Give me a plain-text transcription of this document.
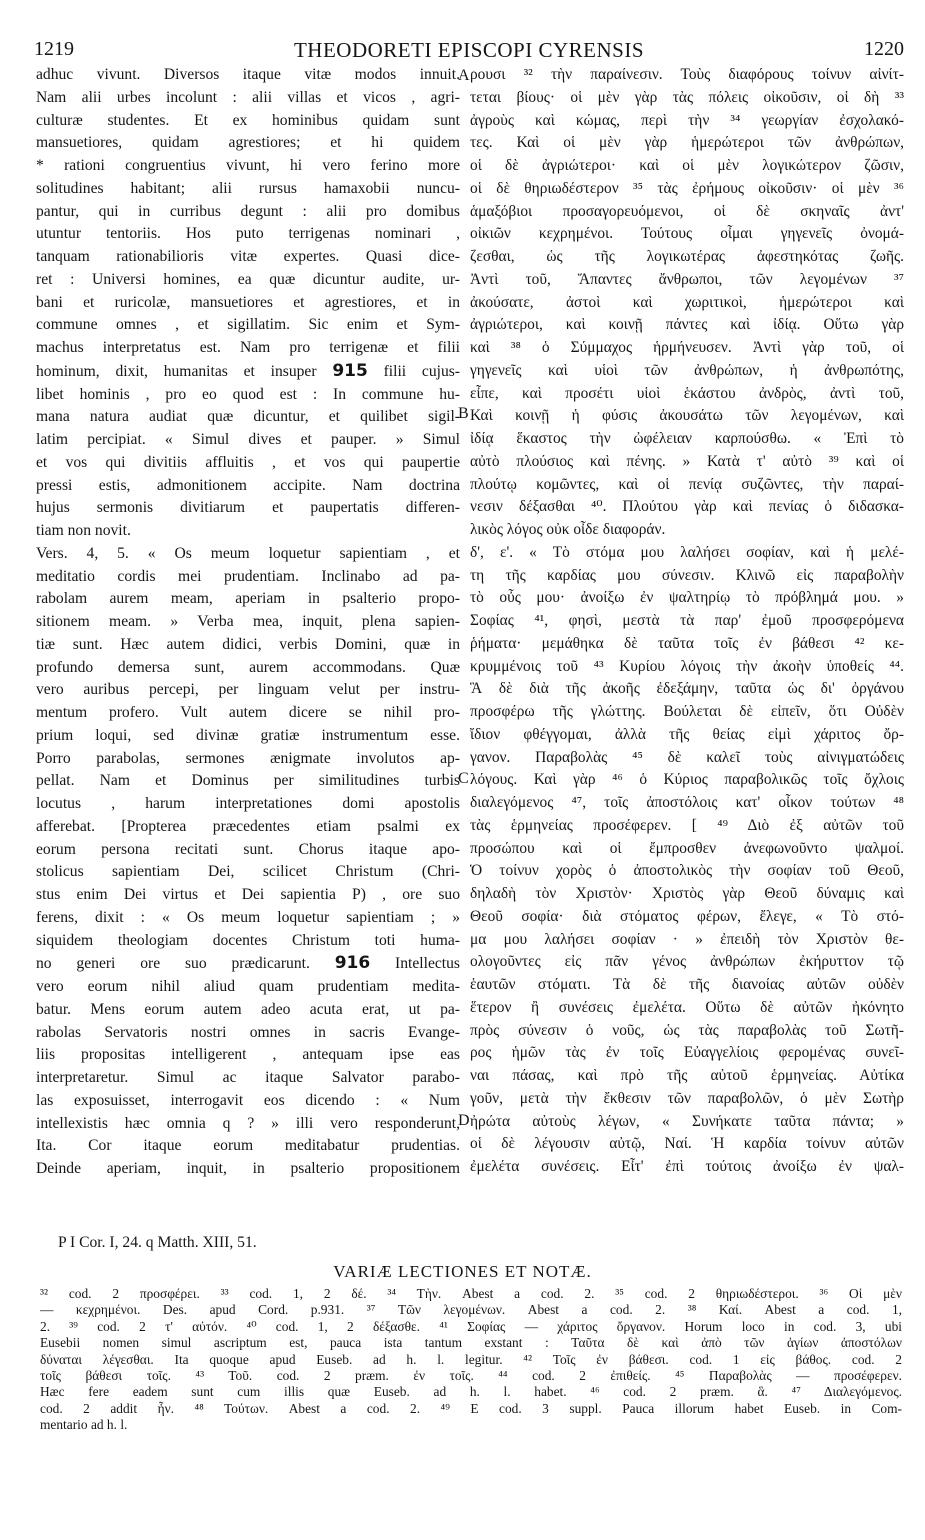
1219	THEODORETI EPISCOPI CYRENSIS	1220

adhuc vivunt. Diversos itaque vitæ modos innuit.

Nam alii urbes incolunt : alii villas et vicos , agri-

culturæ studentes. Et ex hominibus quidam sunt

mansuetiores, quidam agrestiores; et hi quidem

* rationi congruentius vivunt, hi vero ferino more

solitudines habitant; alii rursus hamaxobii nuncu-

pantur, qui in curribus degunt : alii pro domibus

utuntur tentoriis. Hos puto terrigenas nominari ,

tanquam rationabilioris vitæ expertes. Quasi dice-

ret : Universi homines, ea quæ dicuntur audite, ur-

bani et ruricolæ, mansuetiores et agrestiores, et in

commune omnes , et sigillatim. Sic enim et Sym-

machus interpretatus est. Nam pro terrigenæ et filii

hominum, dixit, humanitas et insuper 915 filii cujus-

libet hominis , pro eo quod est : In commune hu-

mana natura audiat quæ dicuntur, et quilibet sigil-

latim percipiat. « Simul dives et pauper. » Simul

et vos qui divitiis affluitis , et vos qui paupertie

pressi estis, admonitionem accipite. Nam doctrina

hujus sermonis divitiarum et paupertatis differen-

tiam non novit.

Vers. 4, 5. « Os meum loquetur sapientiam , et

meditatio cordis mei prudentiam. Inclinabo ad pa-

rabolam aurem meam, aperiam in psalterio propo-

sitionem meam. » Verba mea, inquit, plena sapien-

tiæ sunt. Hæc autem didici, verbis Domini, quæ in

profundo demersa sunt, aurem accommodans. Quæ

vero auribus percepi, per linguam velut per instru-

mentum profero. Vult autem dicere se nihil pro-

prium loqui, sed divinæ gratiæ instrumentum esse.

Porro parabolas, sermones ænigmate involutos ap-

pellat. Nam et Dominus per similitudines turbis

locutus , harum interpretationes domi apostolis

afferebat. [Propterea præcedentes etiam psalmi ex

eorum persona recitati sunt. Chorus itaque apo-

stolicus sapientiam Dei, scilicet Christum (Chri-

stus enim Dei virtus et Dei sapientia P) , ore suo

ferens, dixit : « Os meum loquetur sapientiam ; »

siquidem theologiam docentes Christum toti huma-

no generi ore suo prædicarunt. 916 Intellectus

vero eorum nihil aliud quam prudentiam medita-

batur. Mens eorum autem adeo acuta erat, ut pa-

rabolas Servatoris nostri omnes in sacris Evange-

liis propositas intelligerent , antequam ipse eas

interpretaretur. Simul ac itaque Salvator parabo-

las exposuisset, interrogavit eos dicendo : « Num

intellexistis hæc omnia q ? » illi vero responderunt,

Ita. Cor itaque eorum meditabatur prudentias.

Deinde aperiam, inquit, in psalterio propositionem

ρουσι ³² τὴν παραίνεσιν. Τοὺς διαφόρους τοίνυν αἰνίτ-

τεται βίους· οἱ μὲν γὰρ τὰς πόλεις οἰκοῦσιν, οἱ δὴ ³³

ἀγροὺς καὶ κώμας, περὶ τὴν ³⁴ γεωργίαν ἐσχολακό-

τες. Καὶ οἱ μὲν γὰρ ἡμερώτεροι τῶν ἀνθρώπων,

οἱ δὲ ἀγριώτεροι· καὶ οἱ μὲν λογικώτερον ζῶσιν,

οἱ δὲ θηριωδέστερον ³⁵ τὰς ἐρήμους οἰκοῦσιν· οἱ μὲν ³⁶

ἁμαξόβιοι προσαγορευόμενοι, οἱ δὲ σκηναῖς ἀντ'

οἰκιῶν κεχρημένοι. Τούτους οἶμαι γηγενεῖς ὀνομά-

ζεσθαι, ὡς τῆς λογικωτέρας ἀφεστηκότας ζωῆς.

Ἀντὶ τοῦ, Ἅπαντες ἄνθρωποι, τῶν λεγομένων ³⁷

ἀκούσατε, ἀστοὶ καὶ χωριτικοὶ, ἡμερώτεροι καὶ

ἀγριώτεροι, καὶ κοινῇ πάντες καὶ ἰδίᾳ. Οὕτω γὰρ

καὶ ³⁸ ὁ Σύμμαχος ἡρμήνευσεν. Ἀντὶ γὰρ τοῦ, οἱ

γηγενεῖς καὶ υἱοὶ τῶν ἀνθρώπων, ἡ ἀνθρωπότης,

εἶπε, καὶ προσέτι υἱοὶ ἑκάστου ἀνδρὸς, ἀντὶ τοῦ,

Καὶ κοινῇ ἡ φύσις ἀκουσάτω τῶν λεγομένων, καὶ

ἰδίᾳ ἕκαστος τὴν ὠφέλειαν καρπούσθω. « Ἐπὶ τὸ

αὐτὸ πλούσιος καὶ πένης. » Κατὰ τ' αὐτὸ ³⁹ καὶ οἱ

πλούτῳ κομῶντες, καὶ οἱ πενίᾳ συζῶντες, τὴν παραί-

νεσιν δέξασθαι ⁴⁰. Πλούτου γὰρ καὶ πενίας ὁ διδασκα-

λικὸς λόγος οὐκ οἶδε διαφοράν.

δ', ε'. « Τὸ στόμα μου λαλήσει σοφίαν, καὶ ἡ μελέ-

τη τῆς καρδίας μου σύνεσιν. Κλινῶ εἰς παραβολὴν

τὸ οὖς μου· ἀνοίξω ἐν ψαλτηρίῳ τὸ πρόβλημά μου. »

Σοφίας ⁴¹, φησὶ, μεστὰ τὰ παρ' ἐμοῦ προσφερόμενα

ῥήματα· μεμάθηκα δὲ ταῦτα τοῖς ἐν βάθεσι ⁴² κε-

κρυμμένοις τοῦ ⁴³ Κυρίου λόγοις τὴν ἀκοὴν ὑποθείς ⁴⁴.

Ἃ δὲ διὰ τῆς ἀκοῆς ἐδεξάμην, ταῦτα ὡς δι' ὀργάνου

προσφέρω τῆς γλώττης. Βούλεται δὲ εἰπεῖν, ὅτι Οὐδὲν

ἴδιον φθέγγομαι, ἀλλὰ τῆς θείας εἰμὶ χάριτος ὄρ-

γανον. Παραβολὰς ⁴⁵ δὲ καλεῖ τοὺς αἰνιγματώδεις

λόγους. Καὶ γὰρ ⁴⁶ ὁ Κύριος παραβολικῶς τοῖς ὄχλοις

διαλεγόμενος ⁴⁷, τοῖς ἀποστόλοις κατ' οἶκον τούτων ⁴⁸

τὰς ἑρμηνείας προσέφερεν. [ ⁴⁹ Διὸ ἐξ αὐτῶν τοῦ

προσώπου καὶ οἱ ἔμπροσθεν ἀνεφωνοῦντο ψαλμοί.

Ὁ τοίνυν χορὸς ὁ ἀποστολικὸς τὴν σοφίαν τοῦ Θεοῦ,

δηλαδὴ τὸν Χριστὸν· Χριστὸς γὰρ Θεοῦ δύναμις καὶ

Θεοῦ σοφία· διὰ στόματος φέρων, ἔλεγε, « Τὸ στό-

μα μου λαλήσει σοφίαν · » ἐπειδὴ τὸν Χριστὸν θε-

ολογοῦντες εἰς πᾶν γένος ἀνθρώπων ἐκήρυττον τῷ

ἑαυτῶν στόματι. Τὰ δὲ τῆς διανοίας αὐτῶν οὐδὲν

ἕτερον ἢ συνέσεις ἐμελέτα. Οὕτω δὲ αὐτῶν ἠκόνητο

πρὸς σύνεσιν ὁ νοῦς, ὡς τὰς παραβολὰς τοῦ Σωτῆ-

ρος ἡμῶν τὰς ἐν τοῖς Εὐαγγελίοις φερομένας συνεῖ-

ναι πάσας, καὶ πρὸ τῆς αὐτοῦ ἑρμηνείας. Αὐτίκα

γοῦν, μετὰ τὴν ἔκθεσιν τῶν παραβολῶν, ὁ μὲν Σωτὴρ

ἠρώτα αὐτοὺς λέγων, « Συνήκατε ταῦτα πάντα; »

οἱ δὲ λέγουσιν αὐτῷ, Ναί. Ἡ καρδία τοίνυν αὐτῶν

ἐμελέτα συνέσεις. Εἶτ' ἐπὶ τούτοις ἀνοίξω ἐν ψαλ-

A
B
C
D
P I Cor. I, 24. q Matth. XIII, 51.
VARIÆ LECTIONES ET NOTÆ.

³² cod. 2 προσφέρει. ³³ cod. 1, 2 δέ. ³⁴ Τὴν. Abest a cod. 2. ³⁵ cod. 2 θηριωδέστεροι. ³⁶ Οἱ μὲν

— κεχρημένοι. Des. apud Cord. p.931. ³⁷ Τῶν λεγομένων. Abest a cod. 2. ³⁸ Καί. Abest a cod. 1,

2. ³⁹ cod. 2 τ' αὐτόν. ⁴⁰ cod. 1, 2 δέξασθε. ⁴¹ Σοφίας — χάριτος ὄργανον. Horum loco in cod. 3, ubi

Eusebii nomen simul ascriptum est, pauca ista tantum exstant : Ταῦτα δὲ καὶ ἀπὸ τῶν ἁγίων ἀποστόλων

δύναται λέγεσθαι. Ita quoque apud Euseb. ad h. l. legitur. ⁴² Τοῖς ἐν βάθεσι. cod. 1 εἰς βάθος. cod. 2

τοῖς βάθεσι τοῖς. ⁴³ Τοῦ. cod. 2 præm. ἐν τοῖς. ⁴⁴ cod. 2 ἐπιθείς. ⁴⁵ Παραβολὰς — προσέφερεν.

Hæc fere eadem sunt cum illis quæ Euseb. ad h. l. habet. ⁴⁶ cod. 2 præm. ἃ. ⁴⁷ Διαλεγόμενος.

cod. 2 addit ἦν. ⁴⁸ Τούτων. Abest a cod. 2. ⁴⁹ E cod. 3 suppl. Pauca illorum habet Euseb. in Com-

mentario ad h. l.
